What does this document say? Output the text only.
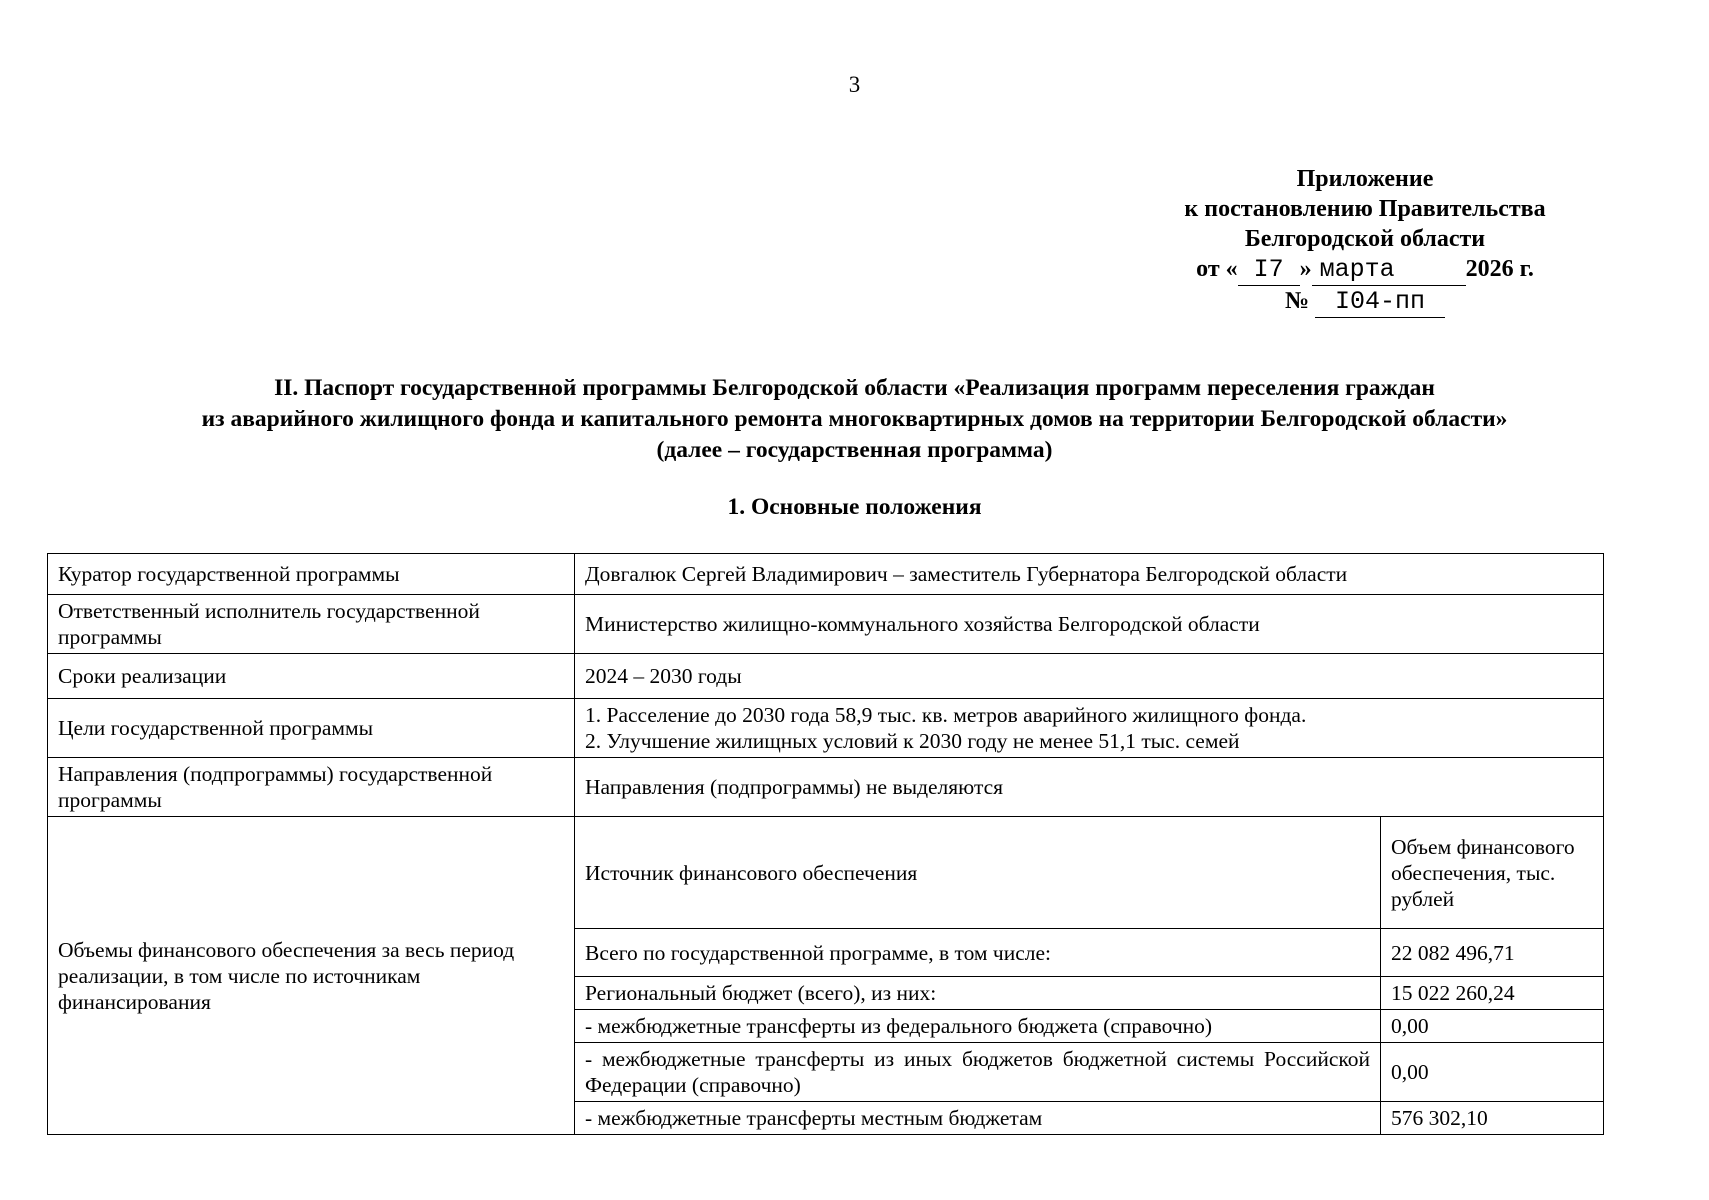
3
Приложение
к постановлению Правительства
Белгородской области
от « I7 » марта	2026 г.
№ I04-пп
II. Паспорт государственной программы Белгородской области «Реализация программ переселения граждан
из аварийного жилищного фонда и капитального ремонта многоквартирных домов на территории Белгородской области»
(далее – государственная программа)
1. Основные положения
Куратор государственной программы	Довгалюк Сергей Владимирович – заместитель Губернатора Белгородской области	
Ответственный исполнитель государственной программы	Министерство жилищно-коммунального хозяйства Белгородской области	
Сроки реализации	2024 – 2030 годы	
Цели государственной программы	1. Расселение до 2030 года 58,9 тыс. кв. метров аварийного жилищного фонда.
2. Улучшение жилищных условий к 2030 году не менее 51,1 тыс. семей	

Направления (подпрограммы) государственной программы	Направления (подпрограммы) не выделяются	
Объемы финансового обеспечения за весь период реализации, в том числе по источникам финансирования	Источник финансового обеспечения	Объем финансового обеспечения, тыс. рублей
	Всего по государственной программе, в том числе:	22 082 496,71
	Региональный бюджет (всего), из них:	15 022 260,24
	- межбюджетные трансферты из федерального бюджета (справочно)	0,00
	- межбюджетные трансферты из иных бюджетов бюджетной системы Российской Федерации (справочно)	0,00
	- межбюджетные трансферты местным бюджетам	576 302,10
